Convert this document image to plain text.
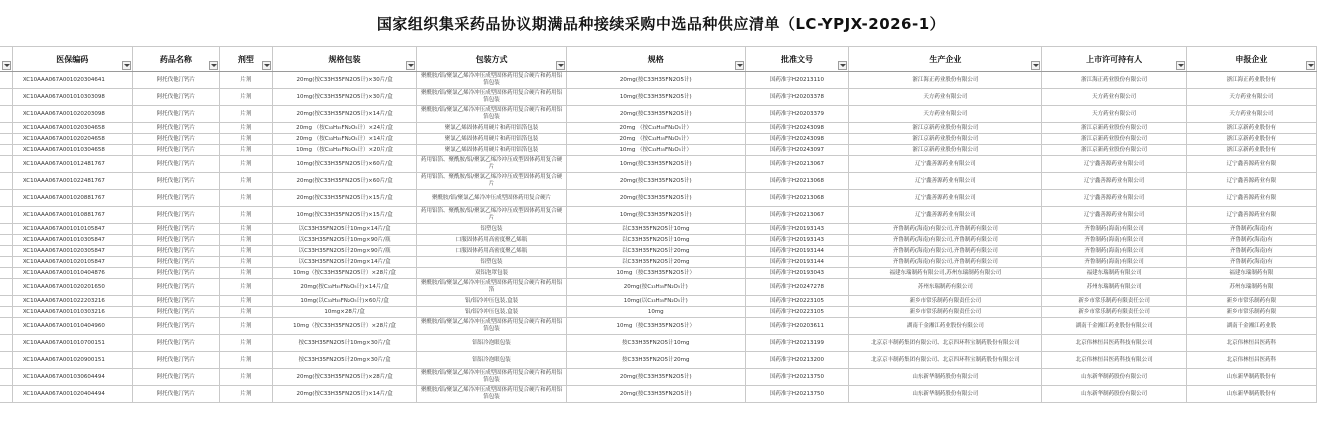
国家组织集采药品协议期满品种接续采购中选品种供应清单（LC-YPJX-2026-1）
	医保编码	药品名称	剂型	规格包装	包装方式	规格	批准文号	生产企业	上市许可持有人	申报企业

	XC10AAA067A001020304641	阿托伐他汀钙片	片剂	20mg(按C33H35FN2O5计)×30片/盒	聚酰胺/铝/聚氯乙烯冷冲压成型固体药用复合硬片和药用铝箔包装	20mg(按C33H35FN2O5计)	国药准字H20213110	浙江海正药业股份有限公司	浙江海正药业股份有限公司	浙江海正药业股份有
	XC10AAA067A001010303098	阿托伐他汀钙片	片剂	10mg(按C33H35FN2O5计)×30片/盒	聚酰胺/铝/聚氯乙烯冷冲压成型固体药用复合硬片和药用铝箔包装	10mg(按C33H35FN2O5计)	国药准字H20203378	天方药业有限公司	天方药业有限公司	天方药业有限公司
	XC10AAA067A001020203098	阿托伐他汀钙片	片剂	20mg(按C33H35FN2O5计)×14片/盒	聚酰胺/铝/聚氯乙烯冷冲压成型固体药用复合硬片和药用铝箔包装	20mg(按C33H35FN2O5计)	国药准字H20203379	天方药业有限公司	天方药业有限公司	天方药业有限公司
	XC10AAA067A001020304658	阿托伐他汀钙片	片剂	20mg （按C₃₃H₃₅FN₂O₅计）×24片/盒	聚氯乙烯固体药用硬片和药用铝箔包装	20mg （按C₃₃H₃₅FN₂O₅计）	国药准字H20243098	浙江京新药业股份有限公司	浙江京新药业股份有限公司	浙江京新药业股份有
	XC10AAA067A001020204658	阿托伐他汀钙片	片剂	20mg （按C₃₃H₃₅FN₂O₅计）×14片/盒	聚氯乙烯固体药用硬片和药用铝箔包装	20mg （按C₃₃H₃₅FN₂O₅计）	国药准字H20243098	浙江京新药业股份有限公司	浙江京新药业股份有限公司	浙江京新药业股份有
	XC10AAA067A001010304658	阿托伐他汀钙片	片剂	10mg （按C₃₃H₃₅FN₂O₅计）×20片/盒	聚氯乙烯固体药用硬片和药用铝箔包装	10mg （按C₃₃H₃₅FN₂O₅计）	国药准字H20243097	浙江京新药业股份有限公司	浙江京新药业股份有限公司	浙江京新药业股份有
	XC10AAA067A001012481767	阿托伐他汀钙片	片剂	10mg(按C33H35FN2O5计)×60片/盒	药用铝箔、聚酰胺/铝/聚氯乙烯冷冲压成型固体药用复合硬片	10mg(按C33H35FN2O5计)	国药准字H20213067	辽宁鑫善源药业有限公司	辽宁鑫善源药业有限公司	辽宁鑫善源药业有限
	XC10AAA067A001022481767	阿托伐他汀钙片	片剂	20mg(按C33H35FN2O5计)×60片/盒	药用铝箔、聚酰胺/铝/聚氯乙烯冷冲压成型固体药用复合硬片	20mg(按C33H35FN2O5计)	国药准字H20213068	辽宁鑫善源药业有限公司	辽宁鑫善源药业有限公司	辽宁鑫善源药业有限
	XC10AAA067A001020881767	阿托伐他汀钙片	片剂	20mg(按C33H35FN2O5计)×15片/盒	聚酰胺/铝/聚氯乙烯冷冲压成型固体药用复合硬片	20mg(按C33H35FN2O5计)	国药准字H20213068	辽宁鑫善源药业有限公司	辽宁鑫善源药业有限公司	辽宁鑫善源药业有限
	XC10AAA067A001010881767	阿托伐他汀钙片	片剂	10mg(按C33H35FN2O5计)×15片/盒	药用铝箔、聚酰胺/铝/聚氯乙烯冷冲压成型固体药用复合硬片	10mg(按C33H35FN2O5计)	国药准字H20213067	辽宁鑫善源药业有限公司	辽宁鑫善源药业有限公司	辽宁鑫善源药业有限
	XC10AAA067A001010105847	阿托伐他汀钙片	片剂	以C33H35FN2O5计10mg×14片/盒	铝塑包装	以C33H35FN2O5计10mg	国药准字H20193143	齐鲁制药(海南)有限公司,齐鲁制药有限公司	齐鲁制药(海南)有限公司	齐鲁制药(海南)有
	XC10AAA067A001010305847	阿托伐他汀钙片	片剂	以C33H35FN2O5计10mg×90片/瓶	口服固体药用高密度聚乙烯瓶	以C33H35FN2O5计10mg	国药准字H20193143	齐鲁制药(海南)有限公司,齐鲁制药有限公司	齐鲁制药(海南)有限公司	齐鲁制药(海南)有
	XC10AAA067A001020305847	阿托伐他汀钙片	片剂	以C33H35FN2O5计20mg×90片/瓶	口服固体药用高密度聚乙烯瓶	以C33H35FN2O5计20mg	国药准字H20193144	齐鲁制药(海南)有限公司,齐鲁制药有限公司	齐鲁制药(海南)有限公司	齐鲁制药(海南)有
	XC10AAA067A001020105847	阿托伐他汀钙片	片剂	以C33H35FN2O5计20mg×14片/盒	铝塑包装	以C33H35FN2O5计20mg	国药准字H20193144	齐鲁制药(海南)有限公司,齐鲁制药有限公司	齐鲁制药(海南)有限公司	齐鲁制药(海南)有
	XC10AAA067A001010404876	阿托伐他汀钙片	片剂	10mg（按C33H35FN2O5计）×28片/盒	双铝泡罩包装	10mg（按C33H35FN2O5计）	国药准字H20193043	福建东瑞制药有限公司,苏州东瑞制药有限公司	福建东瑞制药有限公司	福建东瑞制药有限
	XC10AAA067A001020201650	阿托伐他汀钙片	片剂	20mg(按C₃₃H₃₅FN₂O₅计)×14片/盒	聚酰胺/铝/聚氯乙烯冷冲压成型固体药用复合硬片和药用铝箔	20mg(按C₃₃H₃₅FN₂O₅计)	国药准字H20247278	苏州东瑞制药有限公司	苏州东瑞制药有限公司	苏州东瑞制药有限
	XC10AAA067A001022203216	阿托伐他汀钙片	片剂	10mg(以C₃₃H₃₅FN₂O₅计)×60片/盒	铝/铝冷冲压包装,盒装	10mg(以C₃₃H₃₅FN₂O₅计)	国药准字H20223105	新乡市常乐制药有限责任公司	新乡市常乐制药有限责任公司	新乡市常乐制药有限
	XC10AAA067A001010303216	阿托伐他汀钙片	片剂	10mg×28片/盒	铝/铝冷冲压包装,盒装	10mg	国药准字H20223105	新乡市常乐制药有限责任公司	新乡市常乐制药有限责任公司	新乡市常乐制药有限
	XC10AAA067A001010404960	阿托伐他汀钙片	片剂	10mg（按C33H35FN2O5计）×28片/盒	聚酰胺/铝/聚氯乙烯冷冲压成型固体药用复合硬片和药用铝箔包装	10mg（按C33H35FN2O5计）	国药准字H20203611	湖南千金湘江药业股份有限公司	湖南千金湘江药业股份有限公司	湖南千金湘江药业股
	XC10AAA067A001010700151	阿托伐他汀钙片	片剂	按C33H35FN2O5计10mg×30片/盒	铝铝冷泡眼包装	按C33H35FN2O5计10mg	国药准字H20213199	北京京丰制药集团有限公司、北京四环科宝制药股份有限公司	北京伟林恒昌医药科技有限公司	北京伟林恒昌医药科
	XC10AAA067A001020900151	阿托伐他汀钙片	片剂	按C33H35FN2O5计20mg×30片/盒	铝铝冷泡眼包装	按C33H35FN2O5计20mg	国药准字H20213200	北京京丰制药集团有限公司、北京四环科宝制药股份有限公司	北京伟林恒昌医药科技有限公司	北京伟林恒昌医药科
	XC10AAA067A001030604494	阿托伐他汀钙片	片剂	20mg(按C33H35FN2O5计)×28片/盒	聚酰胺/铝/聚氯乙烯冷冲压成型固体药用复合硬片和药用铝箔包装	20mg(按C33H35FN2O5计)	国药准字H20213750	山东新华制药股份有限公司	山东新华制药股份有限公司	山东新华制药股份有
	XC10AAA067A001020404494	阿托伐他汀钙片	片剂	20mg(按C33H35FN2O5计)×14片/盒	聚酰胺/铝/聚氯乙烯冷冲压成型固体药用复合硬片和药用铝箔包装	20mg(按C33H35FN2O5计)	国药准字H20213750	山东新华制药股份有限公司	山东新华制药股份有限公司	山东新华制药股份有
